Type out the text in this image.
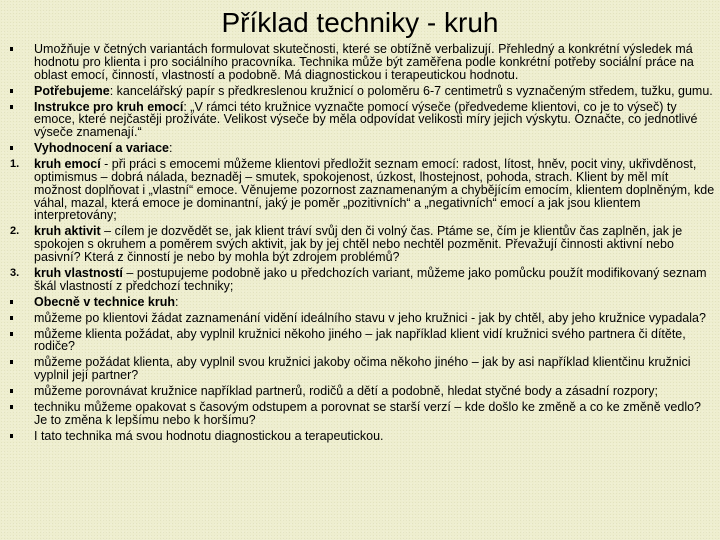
Příklad techniky - kruh
Umožňuje v četných variantách formulovat skutečnosti, které se obtížně verbalizují. Přehledný a konkrétní výsledek má hodnotu pro klienta i pro sociálního pracovníka. Technika může být zaměřena podle konkrétní potřeby sociální práce na oblast emocí, činností, vlastností a podobně. Má diagnostickou i terapeutickou hodnotu.
Potřebujeme: kancelářský papír s předkreslenou kružnicí o poloměru 6-7 centimetrů s vyznačeným středem, tužku, gumu.
Instrukce pro kruh emocí: „V rámci této kružnice vyznačte pomocí výseče (předvedeme klientovi, co je to výseč) ty emoce, které nejčastěji prožíváte. Velikost výseče by měla odpovídat velikosti míry jejich výskytu. Označte, co jednotlivé výseče znamenají.“
Vyhodnocení a variace:
1.	kruh emocí - při práci s emocemi můžeme klientovi předložit seznam emocí: radost, lítost, hněv, pocit viny, ukřivděnost, optimismus – dobrá nálada, beznaděj – smutek, spokojenost, úzkost, lhostejnost, pohoda, strach. Klient by měl mít možnost doplňovat i „vlastní“ emoce. Věnujeme pozornost zaznamenaným a chybějícím emocím, klientem doplněným, kde váhal, mazal, která emoce je dominantní, jaký je poměr „pozitivních“ a „negativních“ emocí a jak jsou klientem interpretovány;
2.	kruh aktivit – cílem je dozvědět se, jak klient tráví svůj den či volný čas. Ptáme se, čím je klientův čas zaplněn, jak je spokojen s okruhem a poměrem svých aktivit, jak by jej chtěl nebo nechtěl pozměnit. Převažují činnosti aktivní nebo pasivní? Která z činností je nebo by mohla být zdrojem problémů?
3.	kruh vlastností – postupujeme podobně jako u předchozích variant, můžeme jako pomůcku použít modifikovaný seznam škál vlastností z předchozí techniky;
Obecně v technice kruh:
můžeme po klientovi žádat zaznamenání vidění ideálního stavu v jeho kružnici - jak by chtěl, aby jeho kružnice vypadala?
můžeme klienta požádat, aby vyplnil kružnici někoho jiného – jak například klient vidí kružnici svého partnera či dítěte, rodiče?
můžeme požádat klienta, aby vyplnil svou kružnici jakoby očima někoho jiného – jak by asi například klientčinu kružnici vyplnil její partner?
můžeme porovnávat kružnice například partnerů, rodičů a dětí a podobně, hledat styčné body a zásadní rozpory;
techniku můžeme opakovat s časovým odstupem a porovnat se starší verzí – kde došlo ke změně a co ke změně vedlo? Je to změna k lepšímu nebo k horšímu?
I tato technika má svou hodnotu diagnostickou a terapeutickou.
